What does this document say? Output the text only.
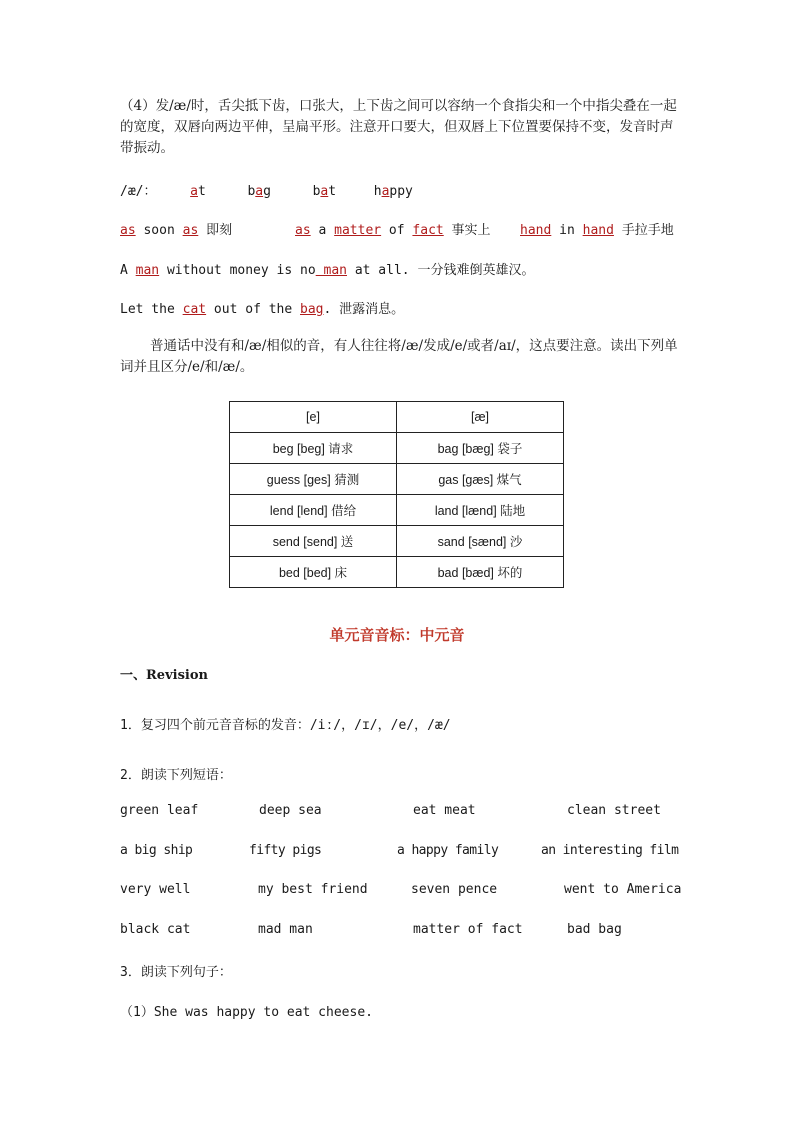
（4）发/æ/时，舌尖抵下齿，口张大，上下齿之间可以容纳一个食指尖和一个中指尖叠在一起的宽度，双唇向两边平伸，呈扁平形。注意开口要大，但双唇上下位置要保持不变，发音时声带振动。
/æ/：	at	bag	bat	happy
as soon as 即刻	as a matter of fact 事实上 hand in hand 手拉手地
A man without money is no man at all. 一分钱难倒英雄汉。
Let the cat out of the bag. 泄露消息。
普通话中没有和/æ/相似的音，有人往往将/æ/发成/e/或者/aɪ/，这点要注意。读出下列单词并且区分/e/和/æ/。
[e]	[æ]
beg [beg] 请求	bag [bæg] 袋子
guess [ges] 猜测	gas [gæs] 煤气
lend [lend] 借给	land [lænd] 陆地
send [send] 送	sand [sænd] 沙
bed [bed] 床	bad [bæd] 坏的
单元音音标：中元音
一、Revision
1．复习四个前元音音标的发音：/iː/，/ɪ/，/e/，/æ/
2．朗读下列短语：
green leaf	deep sea	eat meat	clean street
a big ship	fifty pigs	a happy family	an interesting film
very well	my best friend	seven pence	went to America
black cat	mad man	matter of fact	bad bag
3．朗读下列句子：
（1）She was happy to eat cheese.
